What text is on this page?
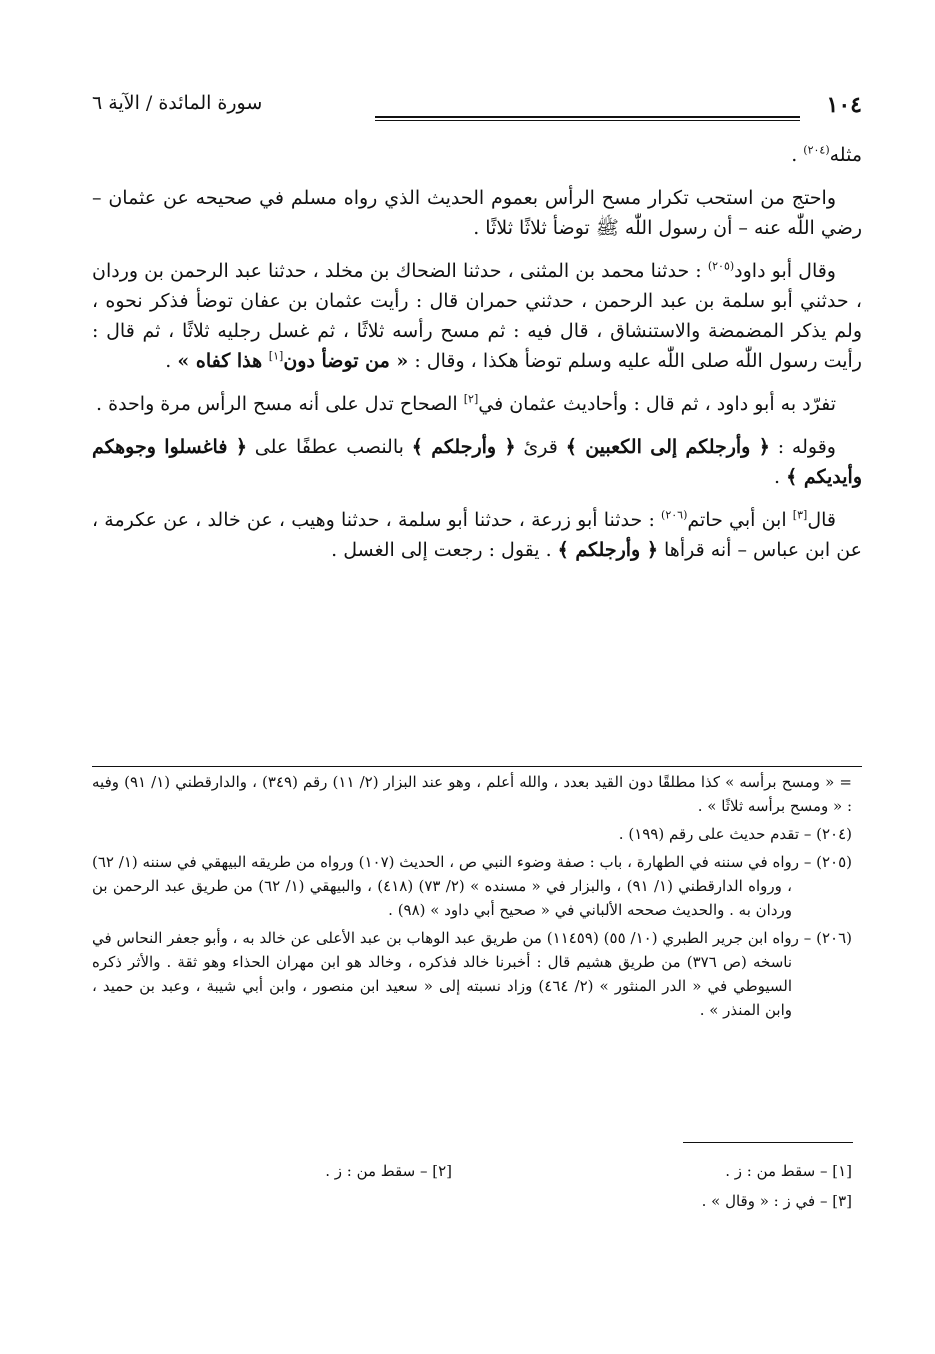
١٠٤
سورة المائدة / الآية ٦

مثله$^{(٢٠٤)}$ .

واحتج من استحب تكرار مسح الرأس بعموم الحديث الذي رواه مسلم في صحيحه عن عثمان – رضي اللّٰه عنه – أن رسول اللّٰه ﷺ توضأ ثلاثًا ثلاثًا .

وقال أبو داود$^{(٢٠٥)}$ : حدثنا محمد بن المثنى ، حدثنا الضحاك بن مخلد ، حدثنا عبد الرحمن بن وردان ، حدثني أبو سلمة بن عبد الرحمن ، حدثني حمران قال : رأيت عثمان بن عفان توضأ فذكر نحوه ، ولم يذكر المضمضة والاستنشاق ، قال فيه : ثم مسح رأسه ثلاثًا ، ثم غسل رجليه ثلاثًا ، ثم قال : رأيت رسول اللّٰه صلى اللّٰه عليه وسلم توضأ هكذا ، وقال : « من توضأ دون[١] هذا كفاه » .

تفرّد به أبو داود ، ثم قال : وأحاديث عثمان في[٢] الصحاح تدل على أنه مسح الرأس مرة واحدة .

وقوله : ﴿ وأرجلكم إلى الكعبين ﴾ قرئ ﴿ وأرجلكم ﴾ بالنصب عطفًا على ﴿ فاغسلوا وجوهكم وأيديكم ﴾ .

قال[٣] ابن أبي حاتم$^{(٢٠٦)}$ : حدثنا أبو زرعة ، حدثنا أبو سلمة ، حدثنا وهيب ، عن خالد ، عن عكرمة ، عن ابن عباس – أنه قرأها ﴿ وأرجلكم ﴾ . يقول : رجعت إلى الغسل .

= « ومسح برأسه » كذا مطلقًا دون القيد بعدد ، والله أعلم ، وهو عند البزار (٢/ ١١) رقم (٣٤٩) ، والدارقطني (١/ ٩١) وفيه : « ومسح برأسه ثلاثًا » .

(٢٠٤) – تقدم حديث على رقم (١٩٩) .

(٢٠٥) – رواه في سننه في الطهارة ، باب : صفة وضوء النبي ص ، الحديث (١٠٧) ورواه من طريقه البيهقي في سننه (١/ ٦٢) ، ورواه الدارقطني (١/ ٩١) ، والبزار في « مسنده » (٢/ ٧٣) (٤١٨) ، والبيهقي (١/ ٦٢) من طريق عبد الرحمن بن وردان به . والحديث صححه الألباني في « صحيح أبي داود » (٩٨) .

(٢٠٦) – رواه ابن جرير الطبري (١٠/ ٥٥) (١١٤٥٩) من طريق عبد الوهاب بن عبد الأعلى عن خالد به ، وأبو جعفر النحاس في ناسخه (ص ٣٧٦) من طريق هشيم قال : أخبرنا خالد فذكره ، وخالد هو ابن مهران الحذاء وهو ثقة . والأثر ذكره السيوطي في « الدر المنثور » (٢/ ٤٦٤) وزاد نسبته إلى « سعيد ابن منصور ، وابن أبي شيبة ، وعبد بن حميد ، وابن المنذر » .

[١] – سقط من : ز .
[٢] – سقط من : ز .
[٣] – في ز : « وقال » .
